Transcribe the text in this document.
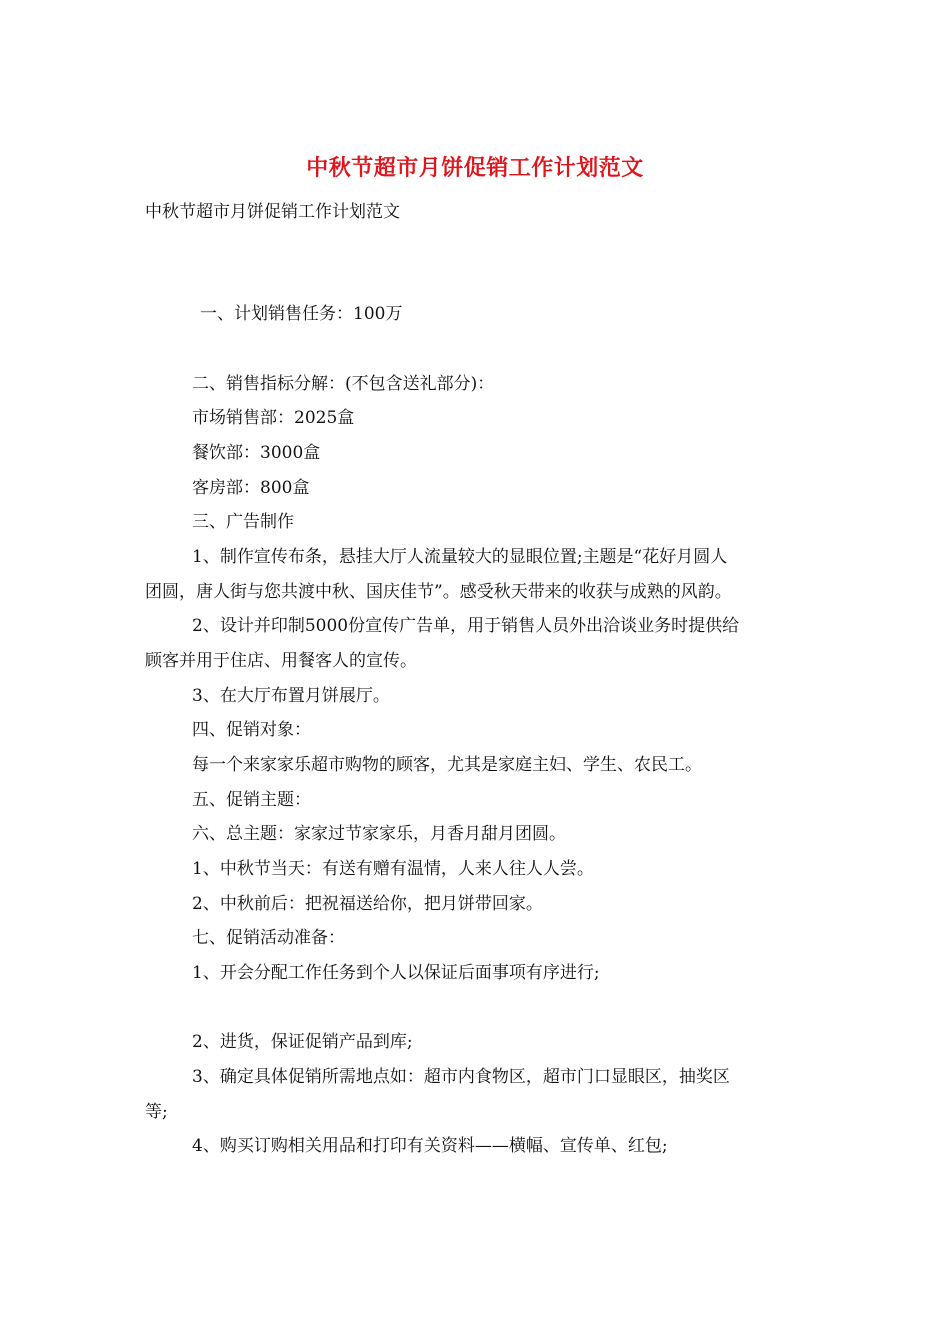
中秋节超市月饼促销工作计划范文
中秋节超市月饼促销工作计划范文
一、计划销售任务：100万
二、销售指标分解：(不包含送礼部分)：
市场销售部：2025盒
餐饮部：3000盒
客房部：800盒
三、广告制作
1、制作宣传布条，悬挂大厅人流量较大的显眼位置;主题是“花好月圆人
团圆，唐人街与您共渡中秋、国庆佳节”。感受秋天带来的收获与成熟的风韵。
2、设计并印制5000份宣传广告单，用于销售人员外出洽谈业务时提供给
顾客并用于住店、用餐客人的宣传。
3、在大厅布置月饼展厅。
四、促销对象：
每一个来家家乐超市购物的顾客，尤其是家庭主妇、学生、农民工。
五、促销主题：
六、总主题：家家过节家家乐，月香月甜月团圆。
1、中秋节当天：有送有赠有温情，人来人往人人尝。
2、中秋前后：把祝福送给你，把月饼带回家。
七、促销活动准备：
1、开会分配工作任务到个人以保证后面事项有序进行;
2、进货，保证促销产品到库;
3、确定具体促销所需地点如：超市内食物区，超市门口显眼区，抽奖区
等;
4、购买订购相关用品和打印有关资料——横幅、宣传单、红包;
